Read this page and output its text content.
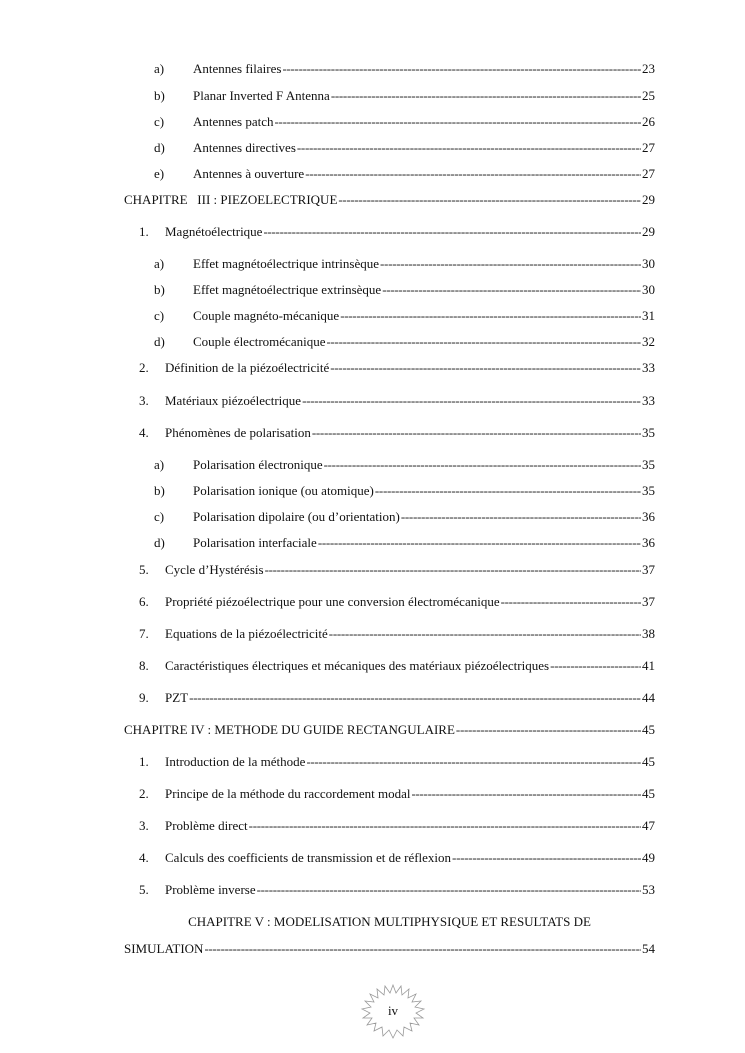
a)	Antennes filaires -----	23
b)	Planar Inverted F Antenna -----	25
c)	Antennes patch -----	26
d)	Antennes directives -----	27
e)	Antennes à ouverture -----	27
CHAPITRE   III : PIEZOELECTRIQUE -----	29
1.	Magnétoélectrique -----	29
a)	Effet magnétoélectrique intrinsèque -----	30
b)	Effet magnétoélectrique extrinsèque -----	30
c)	Couple magnéto-mécanique -----	31
d)	Couple électromécanique -----	32
2.	Définition de la piézoélectricité -----	33
3.	Matériaux piézoélectrique -----	33
4.	Phénomènes de polarisation -----	35
a)	Polarisation électronique -----	35
b)	Polarisation ionique (ou atomique) -----	35
c)	Polarisation dipolaire (ou d’orientation) -----	36
d)	Polarisation interfaciale -----	36
5.	Cycle d’Hystérésis -----	37
6.	Propriété piézoélectrique pour une conversion électromécanique -----	37
7.	Equations de la piézoélectricité -----	38
8.	Caractéristiques électriques et mécaniques des matériaux piézoélectriques -----	41
9.	PZT -----	44
CHAPITRE IV : METHODE DU GUIDE RECTANGULAIRE -----	45
1.	Introduction de la méthode -----	45
2.	Principe de la méthode du raccordement modal -----	45
3.	Problème direct -----	47
4.	Calculs des coefficients de transmission et de réflexion -----	49
5.	Problème inverse -----	53
CHAPITRE V : MODELISATION MULTIPHYSIQUE ET RESULTATS DE
SIMULATION -----	54
iv
